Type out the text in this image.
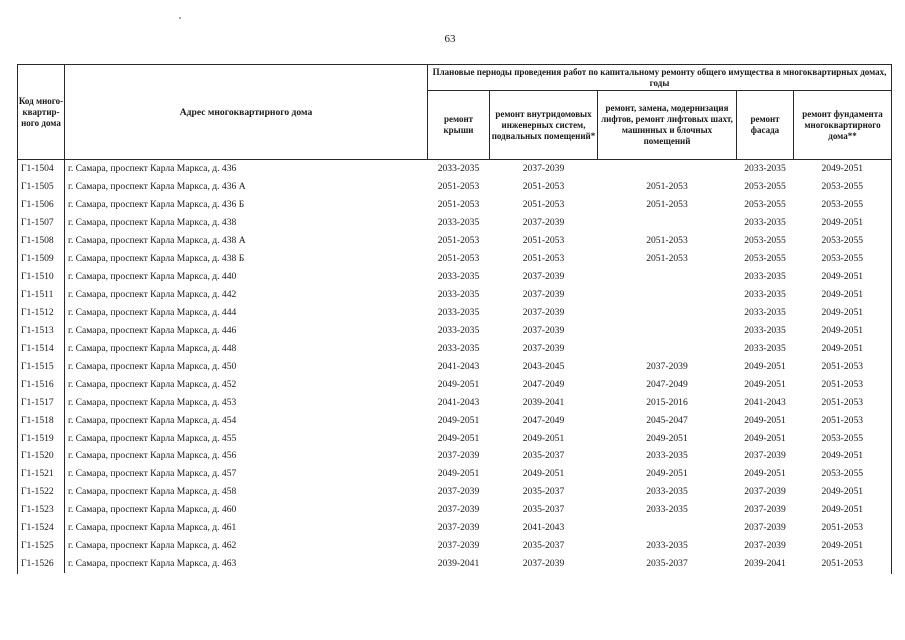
63
Код много-квартир-ного дома	Адрес многоквартирного дома	Плановые периоды проведения работ по капитальному ремонту общего имущества в многоквартирных домах, годы				
		ремонт крыши	ремонт внутридомовых инженерных систем, подвальных помещений*	ремонт, замена, модернизация лифтов, ремонт лифтовых шахт, машинных и блочных помещений	ремонт фасада	ремонт фундамента многоквартирного дома**
Г1-1504	г. Самара, проспект Карла Маркса, д. 436	2033-2035	2037-2039		2033-2035	2049-2051
Г1-1505	г. Самара, проспект Карла Маркса, д. 436 А	2051-2053	2051-2053	2051-2053	2053-2055	2053-2055
Г1-1506	г. Самара, проспект Карла Маркса, д. 436 Б	2051-2053	2051-2053	2051-2053	2053-2055	2053-2055
Г1-1507	г. Самара, проспект Карла Маркса, д. 438	2033-2035	2037-2039		2033-2035	2049-2051
Г1-1508	г. Самара, проспект Карла Маркса, д. 438 А	2051-2053	2051-2053	2051-2053	2053-2055	2053-2055
Г1-1509	г. Самара, проспект Карла Маркса, д. 438 Б	2051-2053	2051-2053	2051-2053	2053-2055	2053-2055
Г1-1510	г. Самара, проспект Карла Маркса, д. 440	2033-2035	2037-2039		2033-2035	2049-2051
Г1-1511	г. Самара, проспект Карла Маркса, д. 442	2033-2035	2037-2039		2033-2035	2049-2051
Г1-1512	г. Самара, проспект Карла Маркса, д. 444	2033-2035	2037-2039		2033-2035	2049-2051
Г1-1513	г. Самара, проспект Карла Маркса, д. 446	2033-2035	2037-2039		2033-2035	2049-2051
Г1-1514	г. Самара, проспект Карла Маркса, д. 448	2033-2035	2037-2039		2033-2035	2049-2051
Г1-1515	г. Самара, проспект Карла Маркса, д. 450	2041-2043	2043-2045	2037-2039	2049-2051	2051-2053
Г1-1516	г. Самара, проспект Карла Маркса, д. 452	2049-2051	2047-2049	2047-2049	2049-2051	2051-2053
Г1-1517	г. Самара, проспект Карла Маркса, д. 453	2041-2043	2039-2041	2015-2016	2041-2043	2051-2053
Г1-1518	г. Самара, проспект Карла Маркса, д. 454	2049-2051	2047-2049	2045-2047	2049-2051	2051-2053
Г1-1519	г. Самара, проспект Карла Маркса, д. 455	2049-2051	2049-2051	2049-2051	2049-2051	2053-2055
Г1-1520	г. Самара, проспект Карла Маркса, д. 456	2037-2039	2035-2037	2033-2035	2037-2039	2049-2051
Г1-1521	г. Самара, проспект Карла Маркса, д. 457	2049-2051	2049-2051	2049-2051	2049-2051	2053-2055
Г1-1522	г. Самара, проспект Карла Маркса, д. 458	2037-2039	2035-2037	2033-2035	2037-2039	2049-2051
Г1-1523	г. Самара, проспект Карла Маркса, д. 460	2037-2039	2035-2037	2033-2035	2037-2039	2049-2051
Г1-1524	г. Самара, проспект Карла Маркса, д. 461	2037-2039	2041-2043		2037-2039	2051-2053
Г1-1525	г. Самара, проспект Карла Маркса, д. 462	2037-2039	2035-2037	2033-2035	2037-2039	2049-2051
Г1-1526	г. Самара, проспект Карла Маркса, д. 463	2039-2041	2037-2039	2035-2037	2039-2041	2051-2053
